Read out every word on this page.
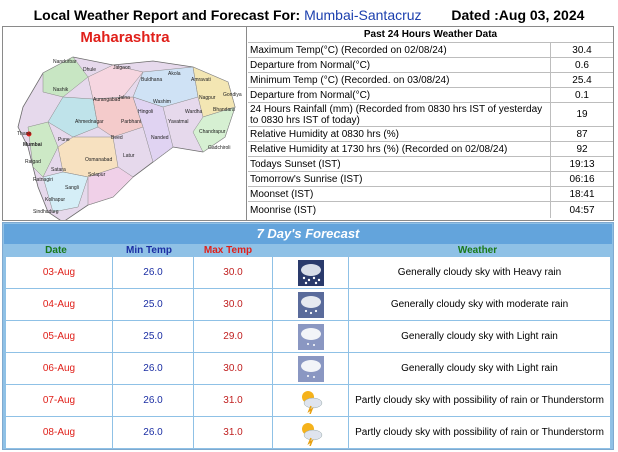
Local Weather Report and Forecast For: Mumbai-Santacruz Dated :Aug 03, 2024
Maharashtra
Nandurbar
Dhule	Jalgaon
Buldhana
Akola
Amravati
Nagpur
Bhandara
Gondiya
Wardha
Washim
Yavatmal
Chandrapur
Gadchiroli
Nashik
Aurangabad
Jalna
Hingoli
Parbhani
Nanded
Thane
Mumbai
Raigad
Pune
Ahmednagar
Beed
Latur
Osmanabad
Solapur
Satara
Ratnagiri
Sangli
Kolhapur
Sindhudurg
Past 24 Hours Weather Data
Maximum Temp(°C) (Recorded on 02/08/24)	30.4
Departure from Normal(°C)	0.6
Minimum Temp (°C) (Recorded. on 03/08/24)	25.4
Departure from Normal(°C)	0.1
24 Hours Rainfall (mm) (Recorded from 0830 hrs IST of yesterday to 0830 hrs IST of today)	19
Relative Humidity at 0830 hrs (%)	87
Relative Humidity at 1730 hrs (%) (Recorded on 02/08/24)	92
Todays Sunset (IST)	19:13
Tomorrow's Sunrise (IST)	06:16
Moonset (IST)	18:41
Moonrise (IST)	04:57
7 Day's Forecast
Date	Min Temp	Max Temp	Weather
03-Aug	26.0	30.0	Generally cloudy sky with Heavy rain
04-Aug	25.0	30.0	Generally cloudy sky with moderate rain
05-Aug	25.0	29.0	Generally cloudy sky with Light rain
06-Aug	26.0	30.0	Generally cloudy sky with Light rain
07-Aug	26.0	31.0	Partly cloudy sky with possibility of rain or Thunderstorm
08-Aug	26.0	31.0	Partly cloudy sky with possibility of rain or Thunderstorm
